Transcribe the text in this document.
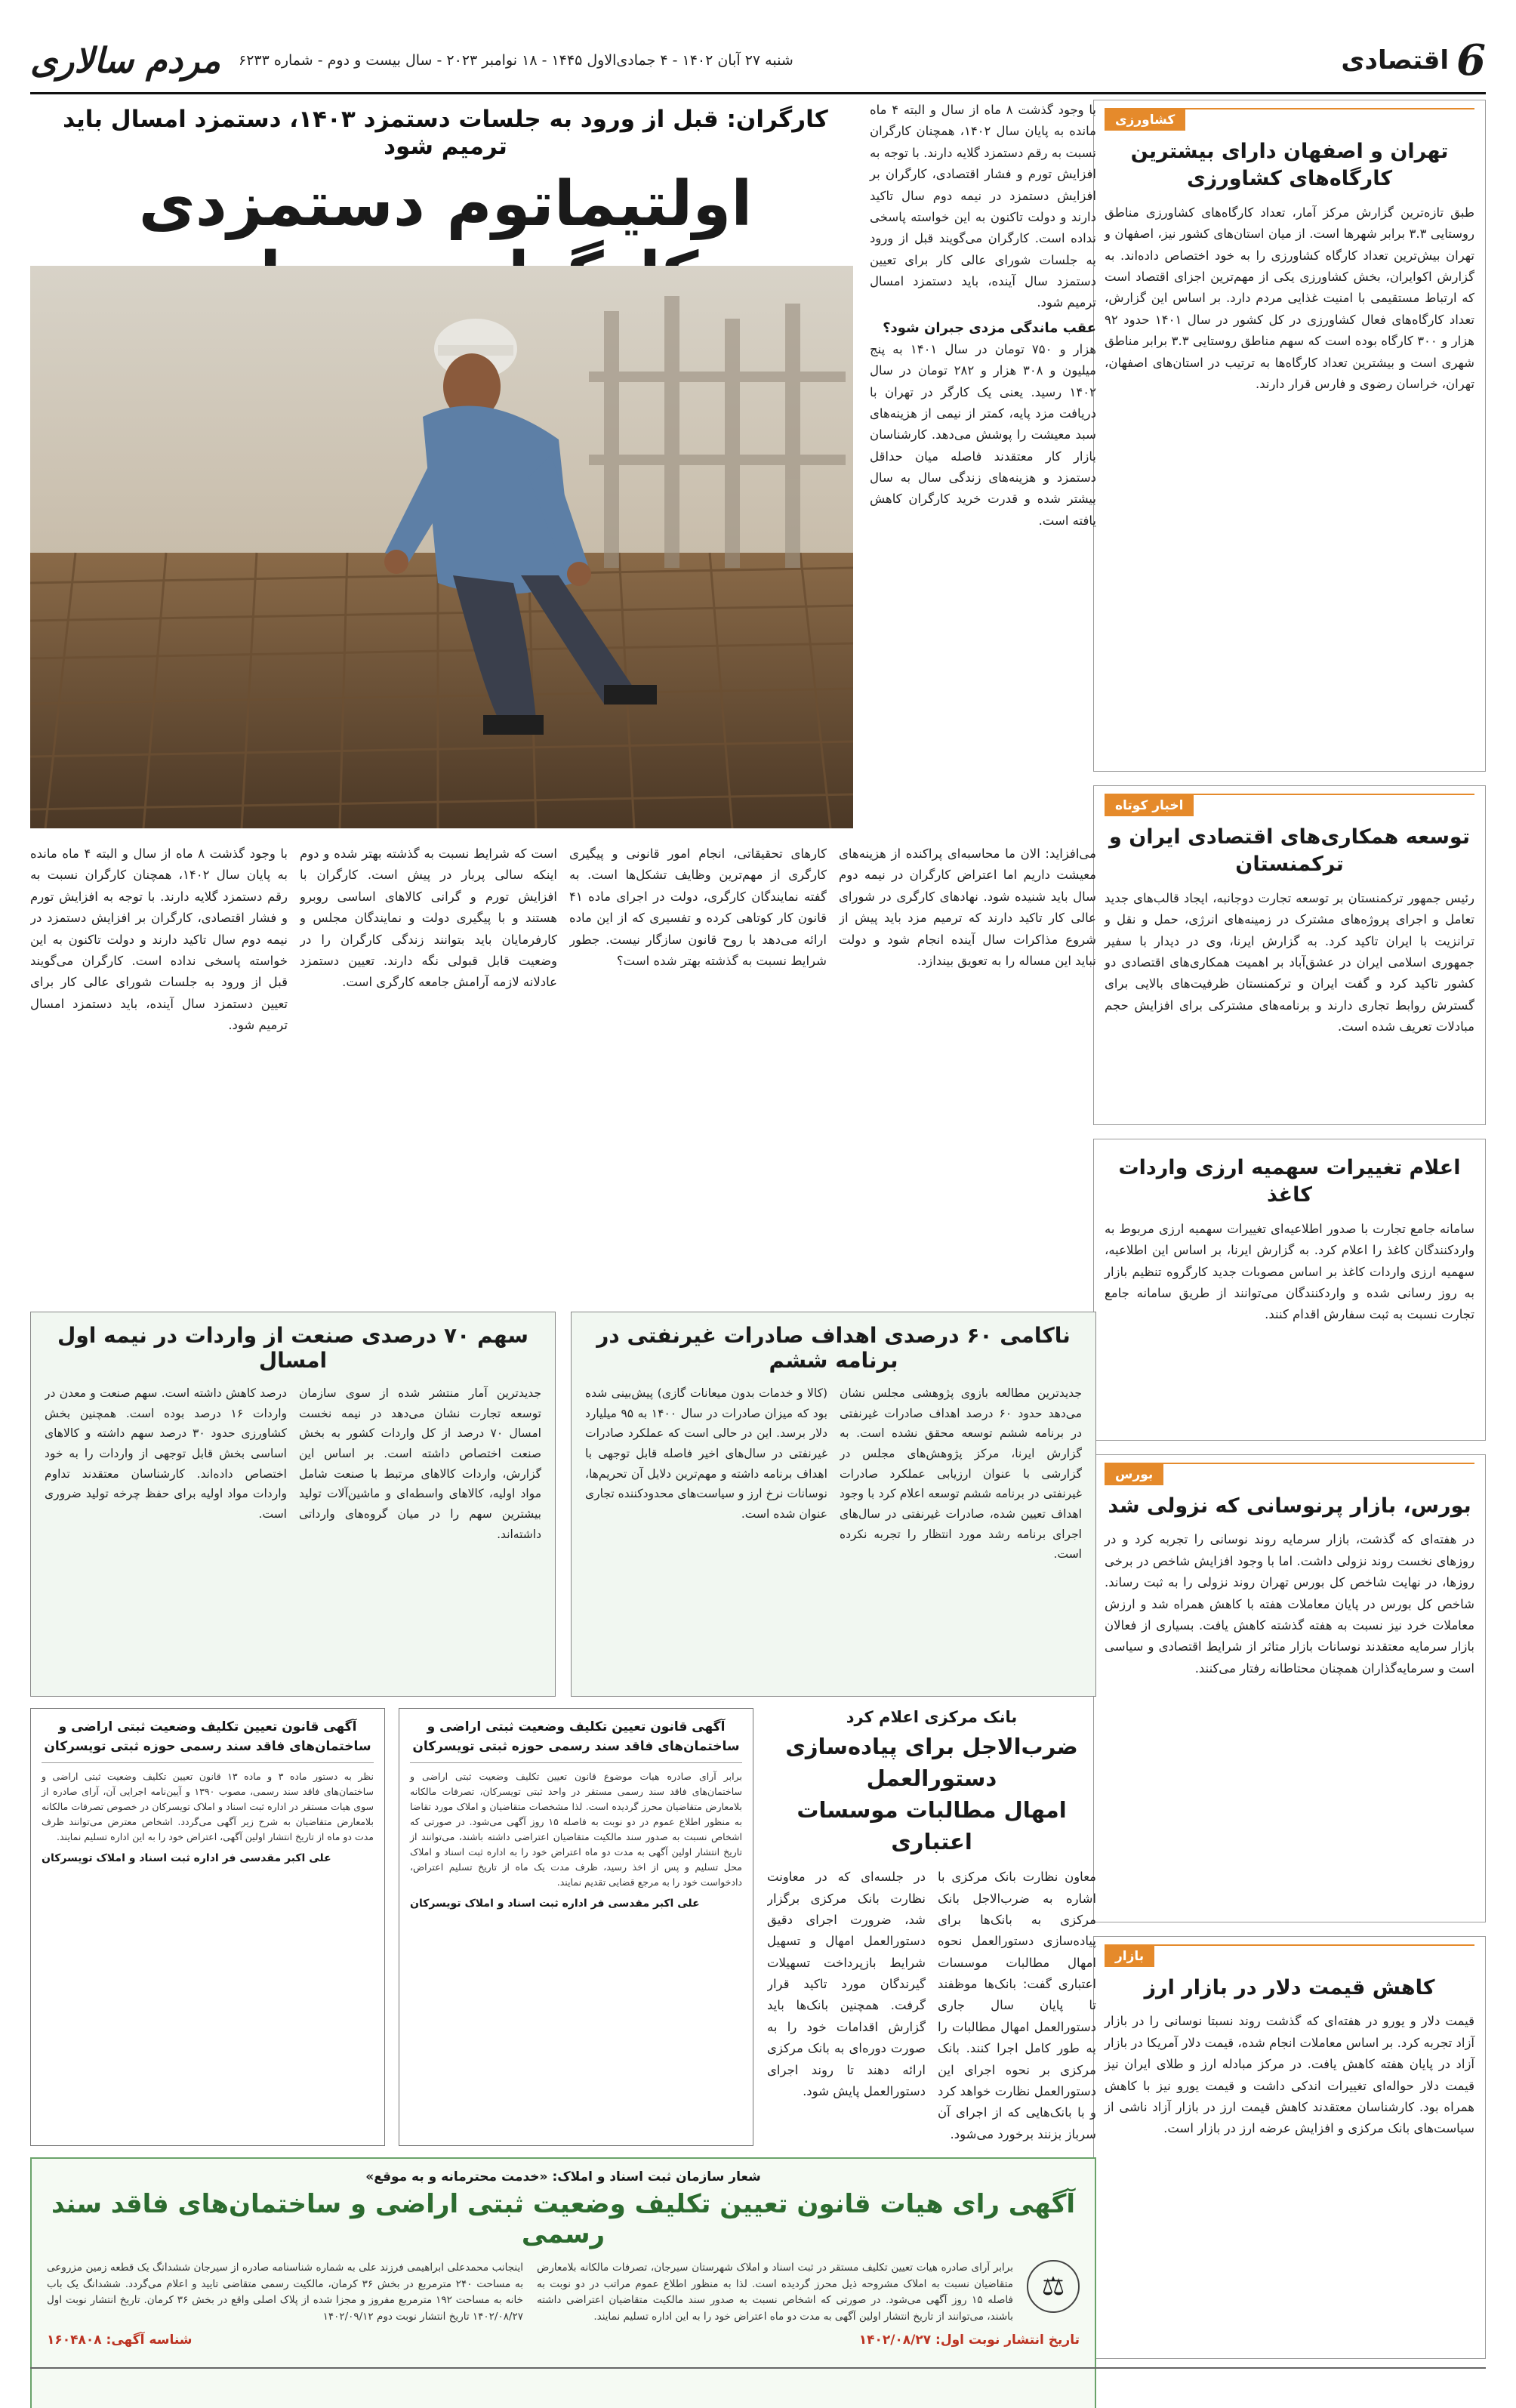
6
اقتصادی
شنبه ۲۷ آبان ۱۴۰۲ - ۴ جمادی‌الاول ۱۴۴۵ - ۱۸ نوامبر ۲۰۲۳ - سال بیست و دوم - شماره ۶۲۳۳
مردم سالاری
کشاورزی
تهران و اصفهان دارای بیشترین کارگاه‌های کشاورزی
طبق تازه‌ترین گزارش مرکز آمار، تعداد کارگاه‌های کشاورزی مناطق روستایی ۳.۳ برابر شهرها است. از میان استان‌های کشور نیز، اصفهان و تهران بیش‌ترین تعداد کارگاه کشاورزی را به خود اختصاص داده‌اند. به گزارش اکوایران، بخش کشاورزی یکی از مهم‌ترین اجزای اقتصاد است که ارتباط مستقیمی با امنیت غذایی مردم دارد. بر اساس این گزارش، تعداد کارگاه‌های فعال کشاورزی در کل کشور در سال ۱۴۰۱ حدود ۹۲ هزار و ۳۰۰ کارگاه بوده است که سهم مناطق روستایی ۳.۳ برابر مناطق شهری است و بیشترین تعداد کارگاه‌ها به ترتیب در استان‌های اصفهان، تهران، خراسان رضوی و فارس قرار دارند.
اخبار کوتاه
توسعه همکاری‌های اقتصادی ایران و ترکمنستان
رئیس جمهور ترکمنستان بر توسعه تجارت دوجانبه، ایجاد قالب‌های جدید تعامل و اجرای پروژه‌های مشترک در زمینه‌های انرژی، حمل و نقل و ترانزیت با ایران تاکید کرد. به گزارش ایرنا، وی در دیدار با سفیر جمهوری اسلامی ایران در عشق‌آباد بر اهمیت همکاری‌های اقتصادی دو کشور تاکید کرد و گفت ایران و ترکمنستان ظرفیت‌های بالایی برای گسترش روابط تجاری دارند و برنامه‌های مشترکی برای افزایش حجم مبادلات تعریف شده است.
اعلام تغییرات سهمیه ارزی واردات کاغذ
سامانه جامع تجارت با صدور اطلاعیه‌ای تغییرات سهمیه ارزی مربوط به واردکنندگان کاغذ را اعلام کرد. به گزارش ایرنا، بر اساس این اطلاعیه، سهمیه ارزی واردات کاغذ بر اساس مصوبات جدید کارگروه تنظیم بازار به روز رسانی شده و واردکنندگان می‌توانند از طریق سامانه جامع تجارت نسبت به ثبت سفارش اقدام کنند.
بورس
بورس، بازار پرنوسانی که نزولی شد
در هفته‌ای که گذشت، بازار سرمایه روند نوسانی را تجربه کرد و در روزهای نخست روند نزولی داشت. اما با وجود افزایش شاخص در برخی روزها، در نهایت شاخص کل بورس تهران روند نزولی را به ثبت رساند. شاخص کل بورس در پایان معاملات هفته با کاهش همراه شد و ارزش معاملات خرد نیز نسبت به هفته گذشته کاهش یافت. بسیاری از فعالان بازار سرمایه معتقدند نوسانات بازار متاثر از شرایط اقتصادی و سیاسی است و سرمایه‌گذاران همچنان محتاطانه رفتار می‌کنند.
بازار
کاهش قیمت دلار در بازار ارز
قیمت دلار و یورو در هفته‌ای که گذشت روند نسبتا نوسانی را در بازار آزاد تجربه کرد. بر اساس معاملات انجام شده، قیمت دلار آمریکا در بازار آزاد در پایان هفته کاهش یافت. در مرکز مبادله ارز و طلای ایران نیز قیمت دلار حواله‌ای تغییرات اندکی داشت و قیمت یورو نیز با کاهش همراه بود. کارشناسان معتقدند کاهش قیمت ارز در بازار آزاد ناشی از سیاست‌های بانک مرکزی و افزایش عرضه ارز در بازار است.
با وجود گذشت ۸ ماه از سال و البته ۴ ماه مانده به پایان سال ۱۴۰۲، همچنان کارگران نسبت به رقم دستمزد گلایه دارند. با توجه به افزایش تورم و فشار اقتصادی، کارگران بر افزایش دستمزد در نیمه دوم سال تاکید دارند و دولت تاکنون به این خواسته پاسخی نداده است. کارگران می‌گویند قبل از ورود به جلسات شورای عالی کار برای تعیین دستمزد سال آینده، باید دستمزد امسال ترمیم شود.
عقب ماندگی مزدی جبران شود؟
هزار و ۷۵۰ تومان در سال ۱۴۰۱ به پنج میلیون و ۳۰۸ هزار و ۲۸۲ تومان در سال ۱۴۰۲ رسید. یعنی یک کارگر در تهران با دریافت مزد پایه، کمتر از نیمی از هزینه‌های سبد معیشت را پوشش می‌دهد. کارشناسان بازار کار معتقدند فاصله میان حداقل دستمزد و هزینه‌های زندگی سال به سال بیشتر شده و قدرت خرید کارگران کاهش یافته است.
کارگران: قبل از ورود به جلسات دستمزد ۱۴۰۳، دستمزد امسال باید ترمیم شود
اولتیماتوم دستمزدی
می‌افزاید: الان ما محاسبه‌ای پراکنده از هزینه‌های معیشت داریم اما اعتراض کارگران در نیمه دوم سال باید شنیده شود. نهادهای کارگری در شورای عالی کار تاکید دارند که ترمیم مزد باید پیش از شروع مذاکرات سال آینده انجام شود و دولت نباید این مساله را به تعویق بیندازد.
کارهای تحقیقاتی، انجام امور قانونی و پیگیری کارگری از مهم‌ترین وظایف تشکل‌ها است. به گفته نمایندگان کارگری، دولت در اجرای ماده ۴۱ قانون کار کوتاهی کرده و تفسیری که از این ماده ارائه می‌دهد با روح قانون سازگار نیست. جطور شرایط نسبت به گذشته بهتر شده است؟
است که شرایط نسبت به گذشته بهتر شده و دوم اینکه سالی پربار در پیش است. کارگران با افزایش تورم و گرانی کالاهای اساسی روبرو هستند و با پیگیری دولت و نمایندگان مجلس و کارفرمایان باید بتوانند زندگی کارگران را در وضعیت قابل قبولی نگه دارند. تعیین دستمزد عادلانه لازمه آرامش جامعه کارگری است.
با وجود گذشت ۸ ماه از سال و البته ۴ ماه مانده به پایان سال ۱۴۰۲، همچنان کارگران نسبت به رقم دستمزد گلایه دارند. با توجه به افزایش تورم و فشار اقتصادی، کارگران بر افزایش دستمزد در نیمه دوم سال تاکید دارند و دولت تاکنون به این خواسته پاسخی نداده است. کارگران می‌گویند قبل از ورود به جلسات شورای عالی کار برای تعیین دستمزد سال آینده، باید دستمزد امسال ترمیم شود.
ناکامی ۶۰ درصدی اهداف صادرات غیرنفتی در برنامه ششم
جدیدترین مطالعه بازوی پژوهشی مجلس نشان می‌دهد حدود ۶۰ درصد اهداف صادرات غیرنفتی در برنامه ششم توسعه محقق نشده است. به گزارش ایرنا، مرکز پژوهش‌های مجلس در گزارشی با عنوان ارزیابی عملکرد صادرات غیرنفتی در برنامه ششم توسعه اعلام کرد با وجود اهداف تعیین شده، صادرات غیرنفتی در سال‌های اجرای برنامه رشد مورد انتظار را تجربه نکرده است.
(کالا و خدمات بدون میعانات گازی) پیش‌بینی شده بود که میزان صادرات در سال ۱۴۰۰ به ۹۵ میلیارد دلار برسد. این در حالی است که عملکرد صادرات غیرنفتی در سال‌های اخیر فاصله قابل توجهی با اهداف برنامه داشته و مهم‌ترین دلایل آن تحریم‌ها، نوسانات نرخ ارز و سیاست‌های محدودکننده تجاری عنوان شده است.
سهم ۷۰ درصدی صنعت از واردات در نیمه اول امسال
جدیدترین آمار منتشر شده از سوی سازمان توسعه تجارت نشان می‌دهد در نیمه نخست امسال ۷۰ درصد از کل واردات کشور به بخش صنعت اختصاص داشته است. بر اساس این گزارش، واردات کالاهای مرتبط با صنعت شامل مواد اولیه، کالاهای واسطه‌ای و ماشین‌آلات تولید بیشترین سهم را در میان گروه‌های وارداتی داشته‌اند.
درصد کاهش داشته است. سهم صنعت و معدن در واردات ۱۶ درصد بوده است. همچنین بخش کشاورزی حدود ۳۰ درصد سهم داشته و کالاهای اساسی بخش قابل توجهی از واردات را به خود اختصاص داده‌اند. کارشناسان معتقدند تداوم واردات مواد اولیه برای حفظ چرخه تولید ضروری است.
بانک مرکزی اعلام کرد
ضرب‌الاجل برای پیاده‌سازی دستورالعمل
امهال مطالبات موسسات اعتباری
معاون نظارت بانک مرکزی با اشاره به ضرب‌الاجل بانک مرکزی به بانک‌ها برای پیاده‌سازی دستورالعمل نحوه امهال مطالبات موسسات اعتباری گفت: بانک‌ها موظفند تا پایان سال جاری دستورالعمل امهال مطالبات را به طور کامل اجرا کنند. بانک مرکزی بر نحوه اجرای این دستورالعمل نظارت خواهد کرد و با بانک‌هایی که از اجرای آن سرباز بزنند برخورد می‌شود.
در جلسه‌ای که در معاونت نظارت بانک مرکزی برگزار شد، ضرورت اجرای دقیق دستورالعمل امهال و تسهیل شرایط بازپرداخت تسهیلات گیرندگان مورد تاکید قرار گرفت. همچنین بانک‌ها باید گزارش اقدامات خود را به صورت دوره‌ای به بانک مرکزی ارائه دهند تا روند اجرای دستورالعمل پایش شود.
آگهی قانون تعیین تکلیف وضعیت ثبتی اراضی و ساختمان‌های فاقد سند رسمی حوزه ثبتی تویسرکان
برابر آرای صادره هیات موضوع قانون تعیین تکلیف وضعیت ثبتی اراضی و ساختمان‌های فاقد سند رسمی مستقر در واحد ثبتی تویسرکان، تصرفات مالکانه بلامعارض متقاضیان محرز گردیده است. لذا مشخصات متقاضیان و املاک مورد تقاضا به منظور اطلاع عموم در دو نوبت به فاصله ۱۵ روز آگهی می‌شود. در صورتی که اشخاص نسبت به صدور سند مالکیت متقاضیان اعتراضی داشته باشند، می‌توانند از تاریخ انتشار اولین آگهی به مدت دو ماه اعتراض خود را به اداره ثبت اسناد و املاک محل تسلیم و پس از اخذ رسید، ظرف مدت یک ماه از تاریخ تسلیم اعتراض، دادخواست خود را به مرجع قضایی تقدیم نمایند.
علی اکبر مقدسی فر اداره ثبت اسناد و املاک تویسرکان
آگهی قانون تعیین تکلیف وضعیت ثبتی اراضی و ساختمان‌های فاقد سند رسمی حوزه ثبتی تویسرکان
نظر به دستور ماده ۳ و ماده ۱۳ قانون تعیین تکلیف وضعیت ثبتی اراضی و ساختمان‌های فاقد سند رسمی، مصوب ۱۳۹۰ و آیین‌نامه اجرایی آن، آرای صادره از سوی هیات مستقر در اداره ثبت اسناد و املاک تویسرکان در خصوص تصرفات مالکانه بلامعارض متقاضیان به شرح زیر آگهی می‌گردد. اشخاص معترض می‌توانند ظرف مدت دو ماه از تاریخ انتشار اولین آگهی، اعتراض خود را به این اداره تسلیم نمایند.
علی اکبر مقدسی فر اداره ثبت اسناد و املاک تویسرکان
شعار سازمان ثبت اسناد و املاک: «خدمت محترمانه و به موقع»
آگهی رای هیات قانون تعیین تکلیف وضعیت ثبتی اراضی و ساختمان‌های فاقد سند رسمی
⚖
برابر آرای صادره هیات تعیین تکلیف مستقر در ثبت اسناد و املاک شهرستان سیرجان، تصرفات مالکانه بلامعارض متقاضیان نسبت به املاک مشروحه ذیل محرز گردیده است. لذا به منظور اطلاع عموم مراتب در دو نوبت به فاصله ۱۵ روز آگهی می‌شود. در صورتی که اشخاص نسبت به صدور سند مالکیت متقاضیان اعتراضی داشته باشند، می‌توانند از تاریخ انتشار اولین آگهی به مدت دو ماه اعتراض خود را به این اداره تسلیم نمایند.
اینجانب محمدعلی ابراهیمی فرزند علی به شماره شناسنامه صادره از سیرجان ششدانگ یک قطعه زمین مزروعی به مساحت ۲۴۰ مترمربع در بخش ۳۶ کرمان، مالکیت رسمی متقاضی تایید و اعلام می‌گردد. ششدانگ یک باب خانه به مساحت ۱۹۲ مترمربع مفروز و مجزا شده از پلاک اصلی واقع در بخش ۳۶ کرمان. تاریخ انتشار نوبت اول ۱۴۰۲/۰۸/۲۷ تاریخ انتشار نوبت دوم ۱۴۰۲/۰۹/۱۲
تاریخ انتشار نوبت اول: ۱۴۰۲/۰۸/۲۷
شناسه آگهی: ۱۶۰۴۸۰۸
